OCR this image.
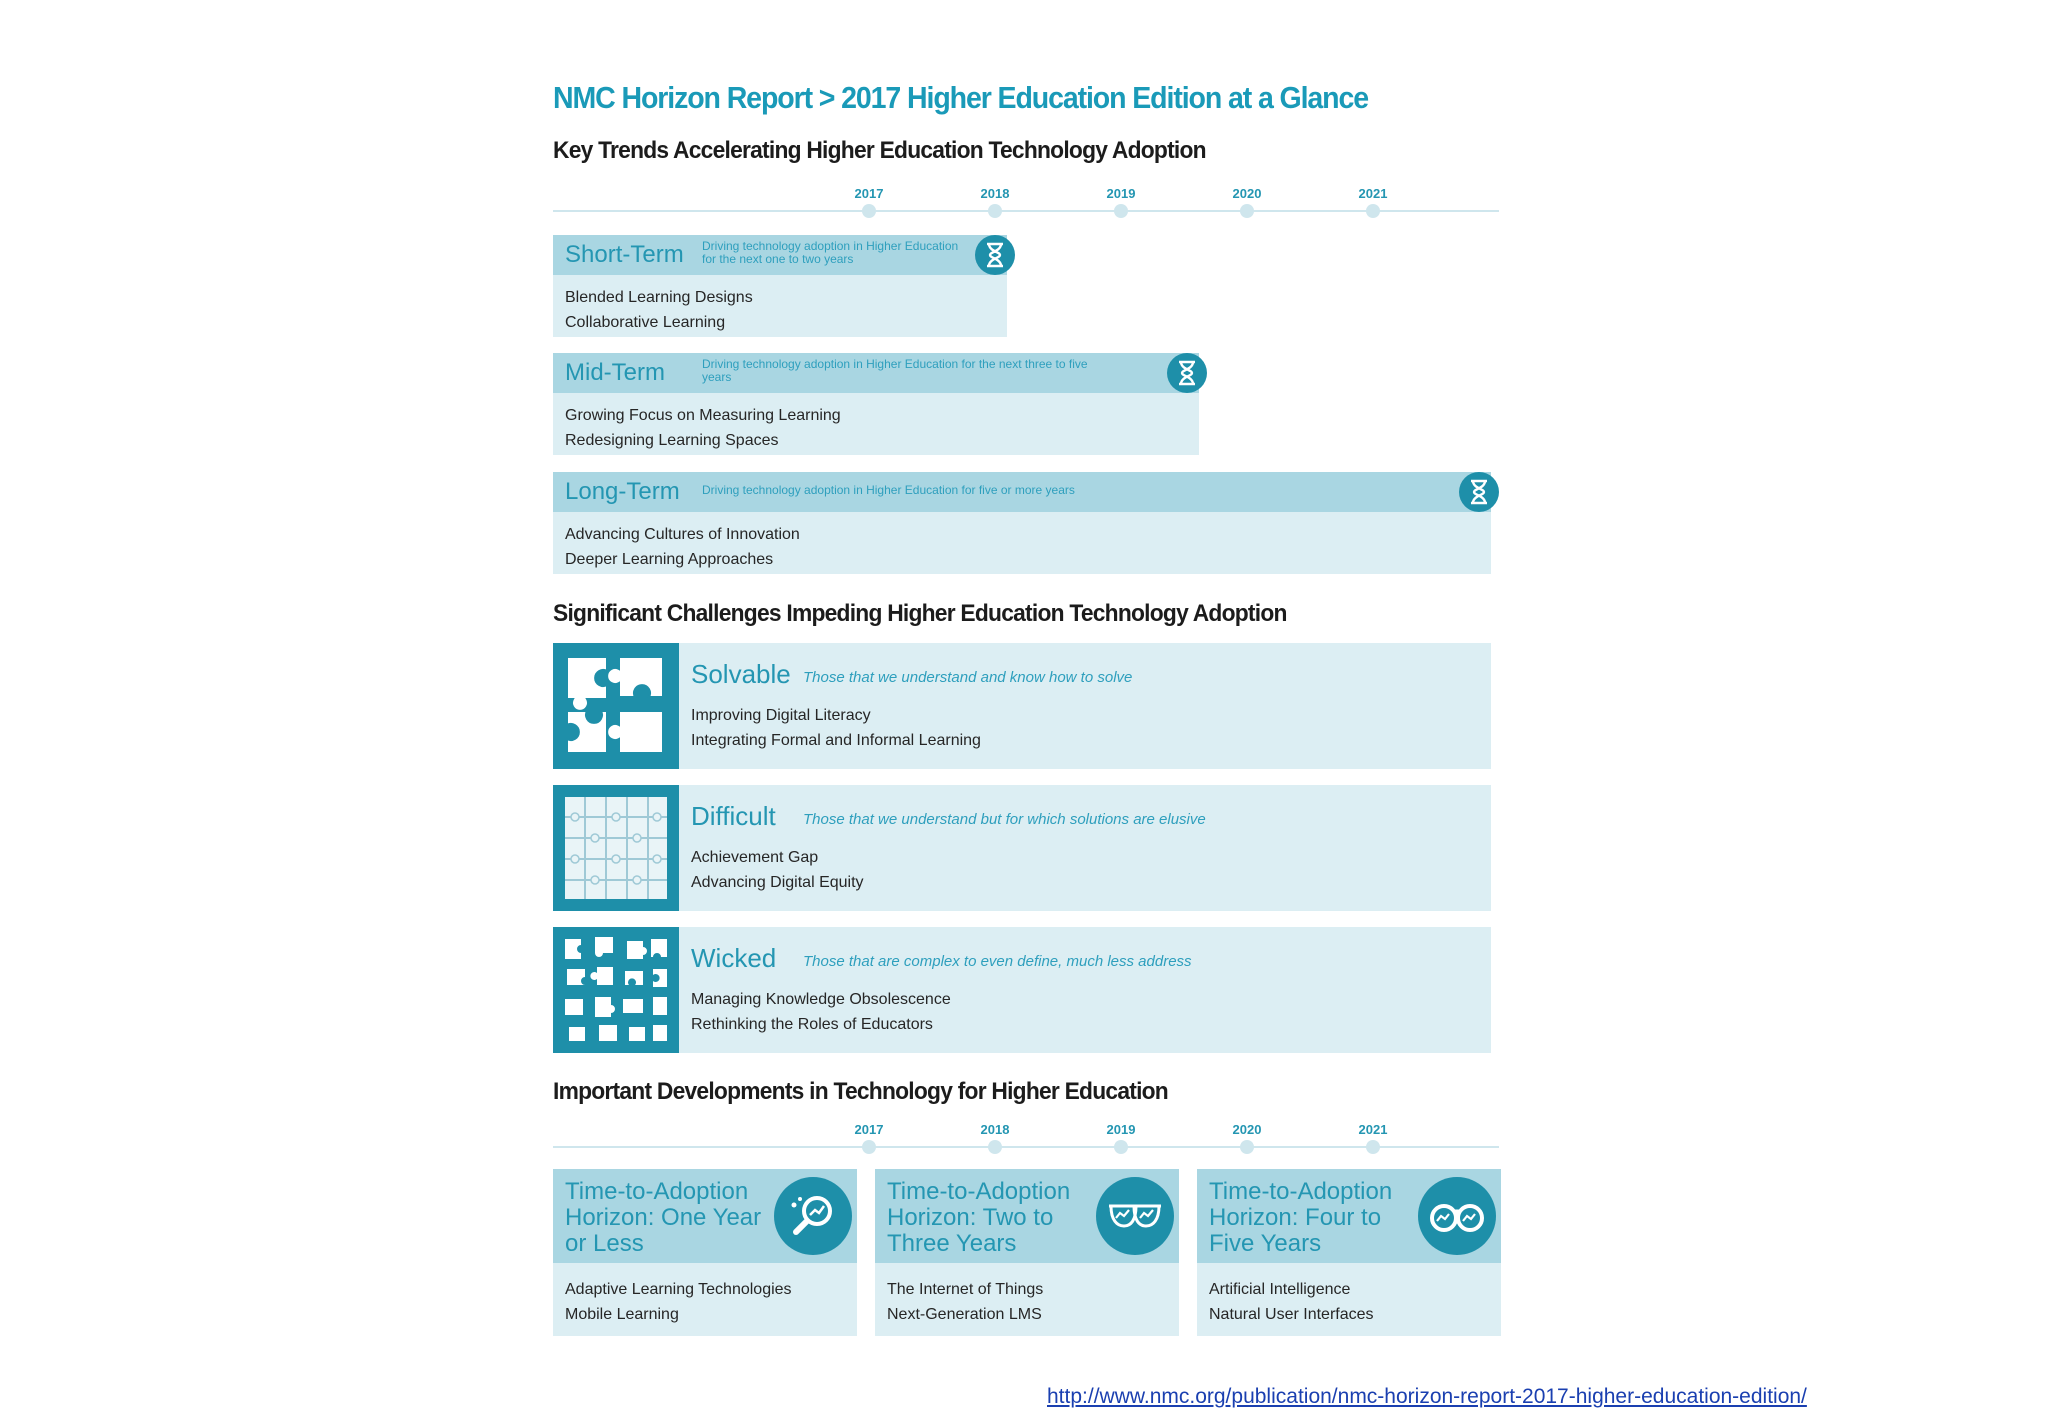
NMC Horizon Report > 2017 Higher Education Edition at a Glance
Key Trends Accelerating Higher Education Technology Adoption
2017	2018	2019	2020	2021
Short-Term Driving technology adoption in Higher Education for the next one to two years
Blended Learning Designs
Collaborative Learning
Mid-Term	Driving technology adoption in Higher Education for the next three to five years
Growing Focus on Measuring Learning
Redesigning Learning Spaces
Long-Term Driving technology adoption in Higher Education for five or more years
Advancing Cultures of Innovation
Deeper Learning Approaches
Significant Challenges Impeding Higher Education Technology Adoption
Solvable Those that we understand and know how to solve
Improving Digital Literacy
Integrating Formal and Informal Learning
Difficult Those that we understand but for which solutions are elusive
Achievement Gap
Advancing Digital Equity
Wicked Those that are complex to even define, much less address
Managing Knowledge Obsolescence
Rethinking the Roles of Educators
Important Developments in Technology for Higher Education
2017	2018	2019	2020	2021
Time-to-Adoption Horizon: One Year or Less
Adaptive Learning Technologies
Mobile Learning
Time-to-Adoption Horizon: Two to Three Years
The Internet of Things
Next-Generation LMS
Time-to-Adoption Horizon: Four to Five Years
Artificial Intelligence
Natural User Interfaces
http://www.nmc.org/publication/nmc-horizon-report-2017-higher-education-edition/
